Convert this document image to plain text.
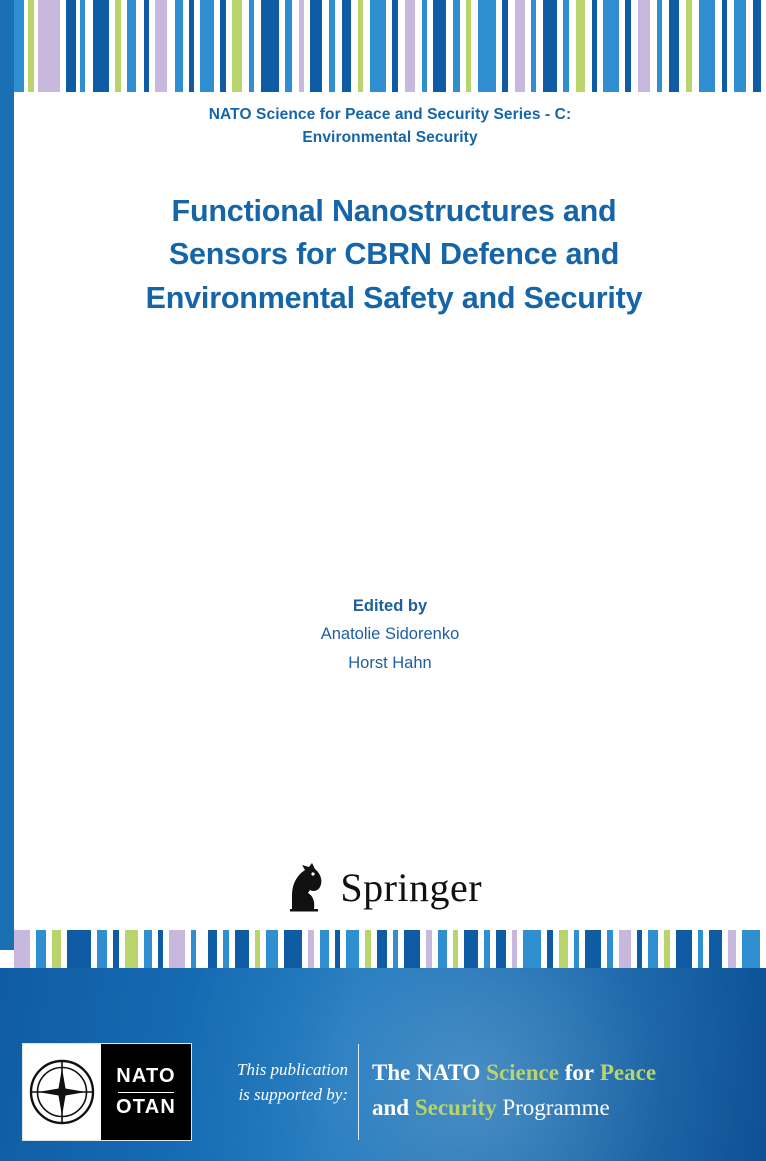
NATO Science for Peace and Security Series - C:
Environmental Security
Functional Nanostructures and
Sensors for CBRN Defence and
Environmental Safety and Security
Edited by
Anatolie Sidorenko
Horst Hahn
Springer
NATO
OTAN
This publication
is supported by:
The NATO Science for Peace
and Security Programme
